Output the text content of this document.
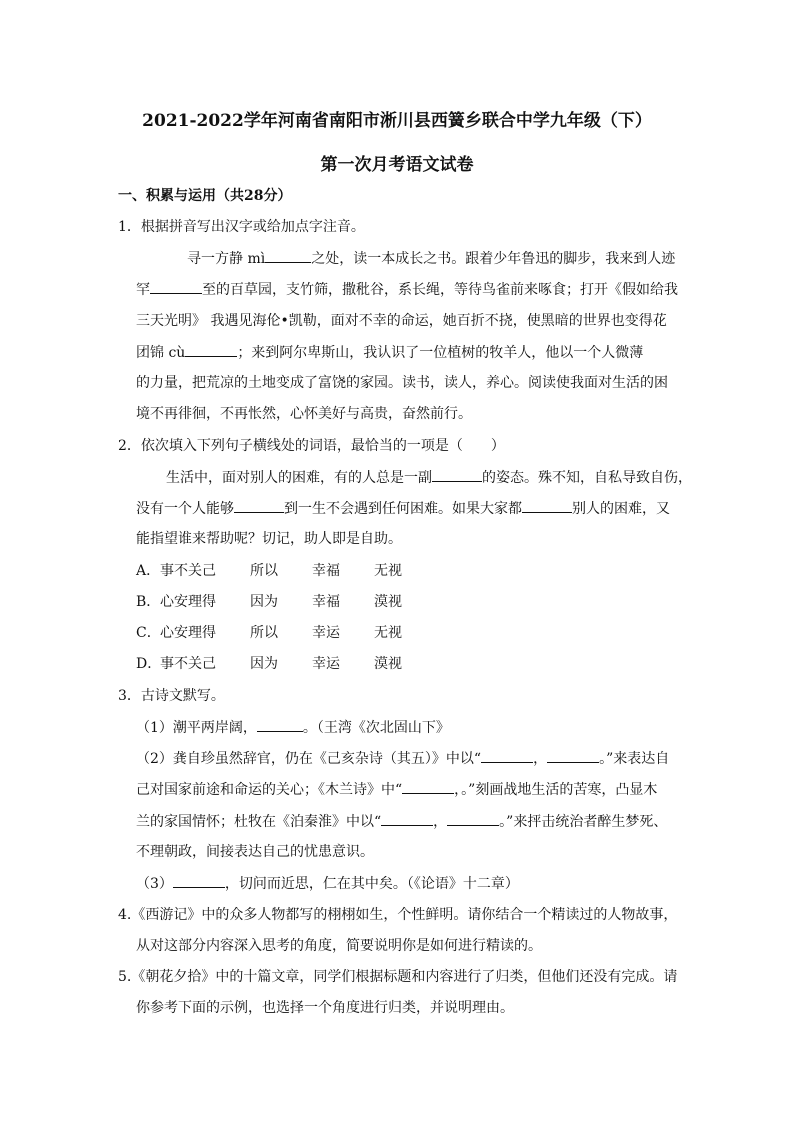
2021-2022学年河南省南阳市淅川县西簧乡联合中学九年级（下）
第一次月考语文试卷
一、积累与运用（共28分）
1．根据拼音写出汉字或给加点字注音。
寻一方静 mì	之处，读一本成长之书。跟着少年鲁迅的脚步，我来到人迹
罕	至的百草园，支竹筛，撒秕谷，系长绳，等待鸟雀前来啄食；打开《假如给我
三天光明》 我遇见海伦•凯勒，面对不幸的命运，她百折不挠，使黑暗的世界也变得花
团锦 cù	；来到阿尔卑斯山，我认识了一位植树的牧羊人，他以一个人微薄
的力量，把荒凉的土地变成了富饶的家园。读书，读人，养心。阅读使我面对生活的困
境不再徘徊，不再怅然，心怀美好与高贵，奋然前行。
2．依次填入下列句子横线处的词语，最恰当的一项是（　　）
生活中，面对别人的困难，有的人总是一副	的姿态。殊不知，自私导致自伤，
没有一个人能够	到一生不会遇到任何困难。如果大家都	别人的困难，又
能指望谁来帮助呢？切记，助人即是自助。
A．事不关己 所以 幸福 无视
B．心安理得 因为 幸福 漠视
C．心安理得 所以 幸运 无视
D．事不关己 因为 幸运 漠视
3．古诗文默写。
（1）潮平两岸阔，	。（王湾《次北固山下》
（2）龚自珍虽然辞官，仍在《己亥杂诗（其五）》中以“	，	。”来表达自
己对国家前途和命运的关心；《木兰诗》中“	，。”刻画战地生活的苦寒，凸显木
兰的家国情怀；杜牧在《泊秦淮》中以“	，	。”来抨击统治者醉生梦死、
不理朝政，间接表达自己的忧患意识。
（3）	，切问而近思，仁在其中矣。（《论语》十二章）
4.《西游记》中的众多人物都写的栩栩如生，个性鲜明。请你结合一个精读过的人物故事，
从对这部分内容深入思考的角度，简要说明你是如何进行精读的。
5.《朝花夕拾》中的十篇文章，同学们根据标题和内容进行了归类，但他们还没有完成。请
你参考下面的示例，也选择一个角度进行归类，并说明理由。
